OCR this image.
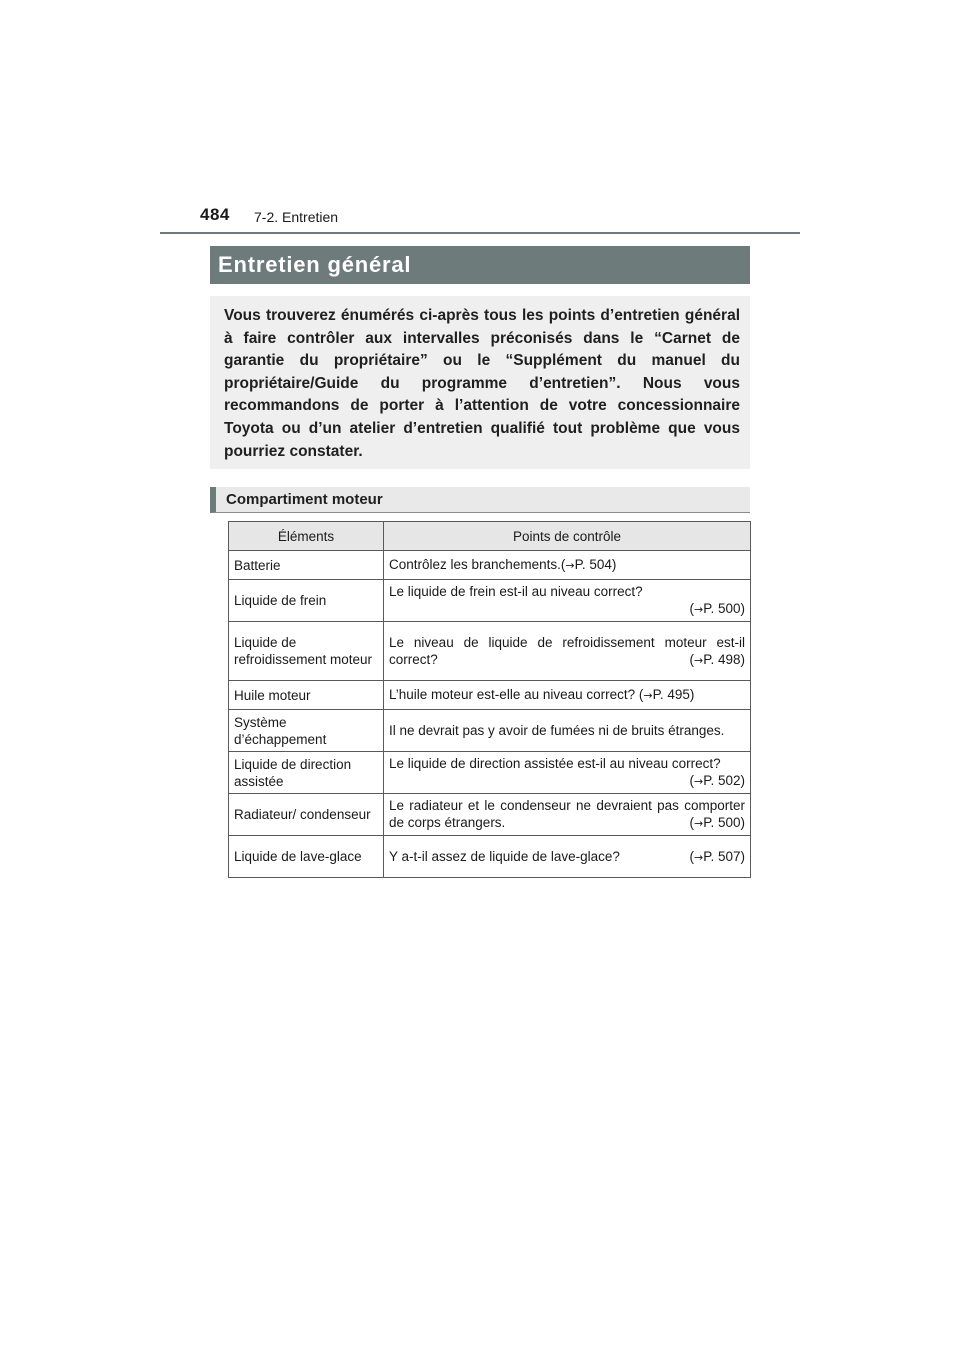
484 7-2. Entretien
Entretien général

Vous trouverez énumérés ci-après tous les points d’entretien général à faire contrôler aux intervalles préconisés dans le “Carnet de garantie du propriétaire” ou le “Supplément du manuel du propriétaire/Guide du programme d’entretien”. Nous vous recommandons de porter à l’attention de votre concessionnaire Toyota ou d’un atelier d’entretien qualifié tout problème que vous pourriez constater.

Compartiment moteur
Éléments	Points de contrôle
Batterie	Contrôlez les branchements.(→P. 504)
Liquide de frein	Le liquide de frein est-il au niveau correct?
(→P. 500)

Liquide de refroidissement moteur	Le niveau de liquide de refroidissement moteur est-il correct? (→P. 498)

Huile moteur	L’huile moteur est-elle au niveau correct? (→P. 495)
Système d’échappement	Il ne devrait pas y avoir de fumées ni de bruits étranges.
Liquide de direction assistée	Le liquide de direction assistée est-il au niveau correct?
(→P. 502)

Radiateur/ condenseur	Le radiateur et le condenseur ne devraient pas comporter de corps étrangers. (→P. 500)

Liquide de lave-glace	Y a-t-il assez de liquide de lave-glace? (→P. 507)
